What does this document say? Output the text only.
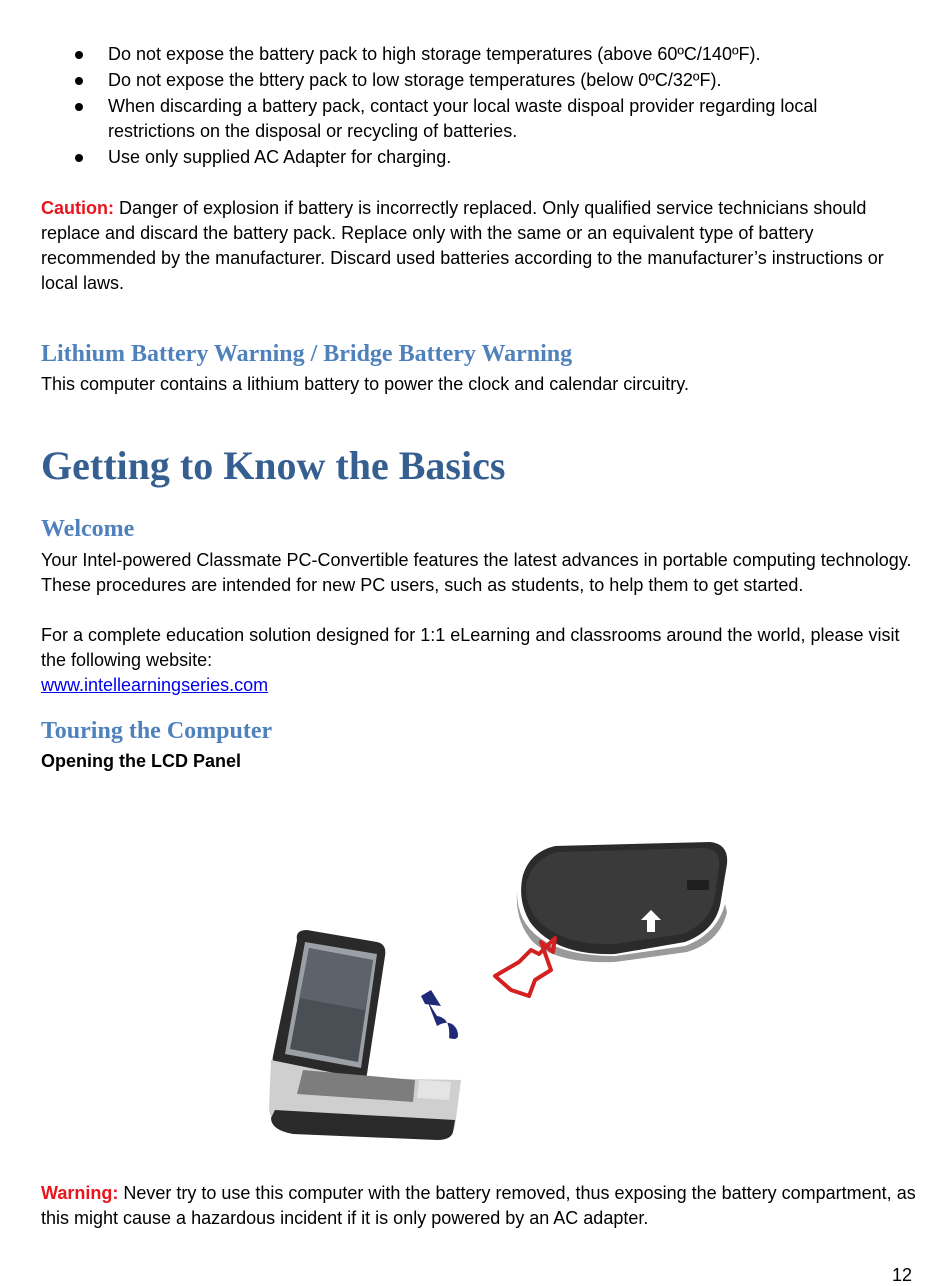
Do not expose the battery pack to high storage temperatures (above 60ºC/140ºF).
Do not expose the bttery pack to low storage temperatures (below 0ºC/32ºF).
When discarding a battery pack, contact your local waste dispoal provider regarding local restrictions on the disposal or recycling of batteries.
Use only supplied AC Adapter for charging.

Caution: Danger of explosion if battery is incorrectly replaced. Only qualified service technicians should replace and discard the battery pack. Replace only with the same or an equivalent type of battery recommended by the manufacturer. Discard used batteries according to the manufacturer’s instructions or local laws.

Lithium Battery Warning / Bridge Battery Warning

This computer contains a lithium battery to power the clock and calendar circuitry.

Getting to Know the Basics
Welcome

Your Intel-powered Classmate PC-Convertible features the latest advances in portable computing technology. These procedures are intended for new PC users, such as students, to help them to get started.

For a complete education solution designed for 1:1 eLearning and classrooms around the world, please visit the following website:

www.intellearningseries.com

Touring the Computer

Opening the LCD Panel

Warning: Never try to use this computer with the battery removed, thus exposing the battery compartment, as this might cause a hazardous incident if it is only powered by an AC adapter.

12
